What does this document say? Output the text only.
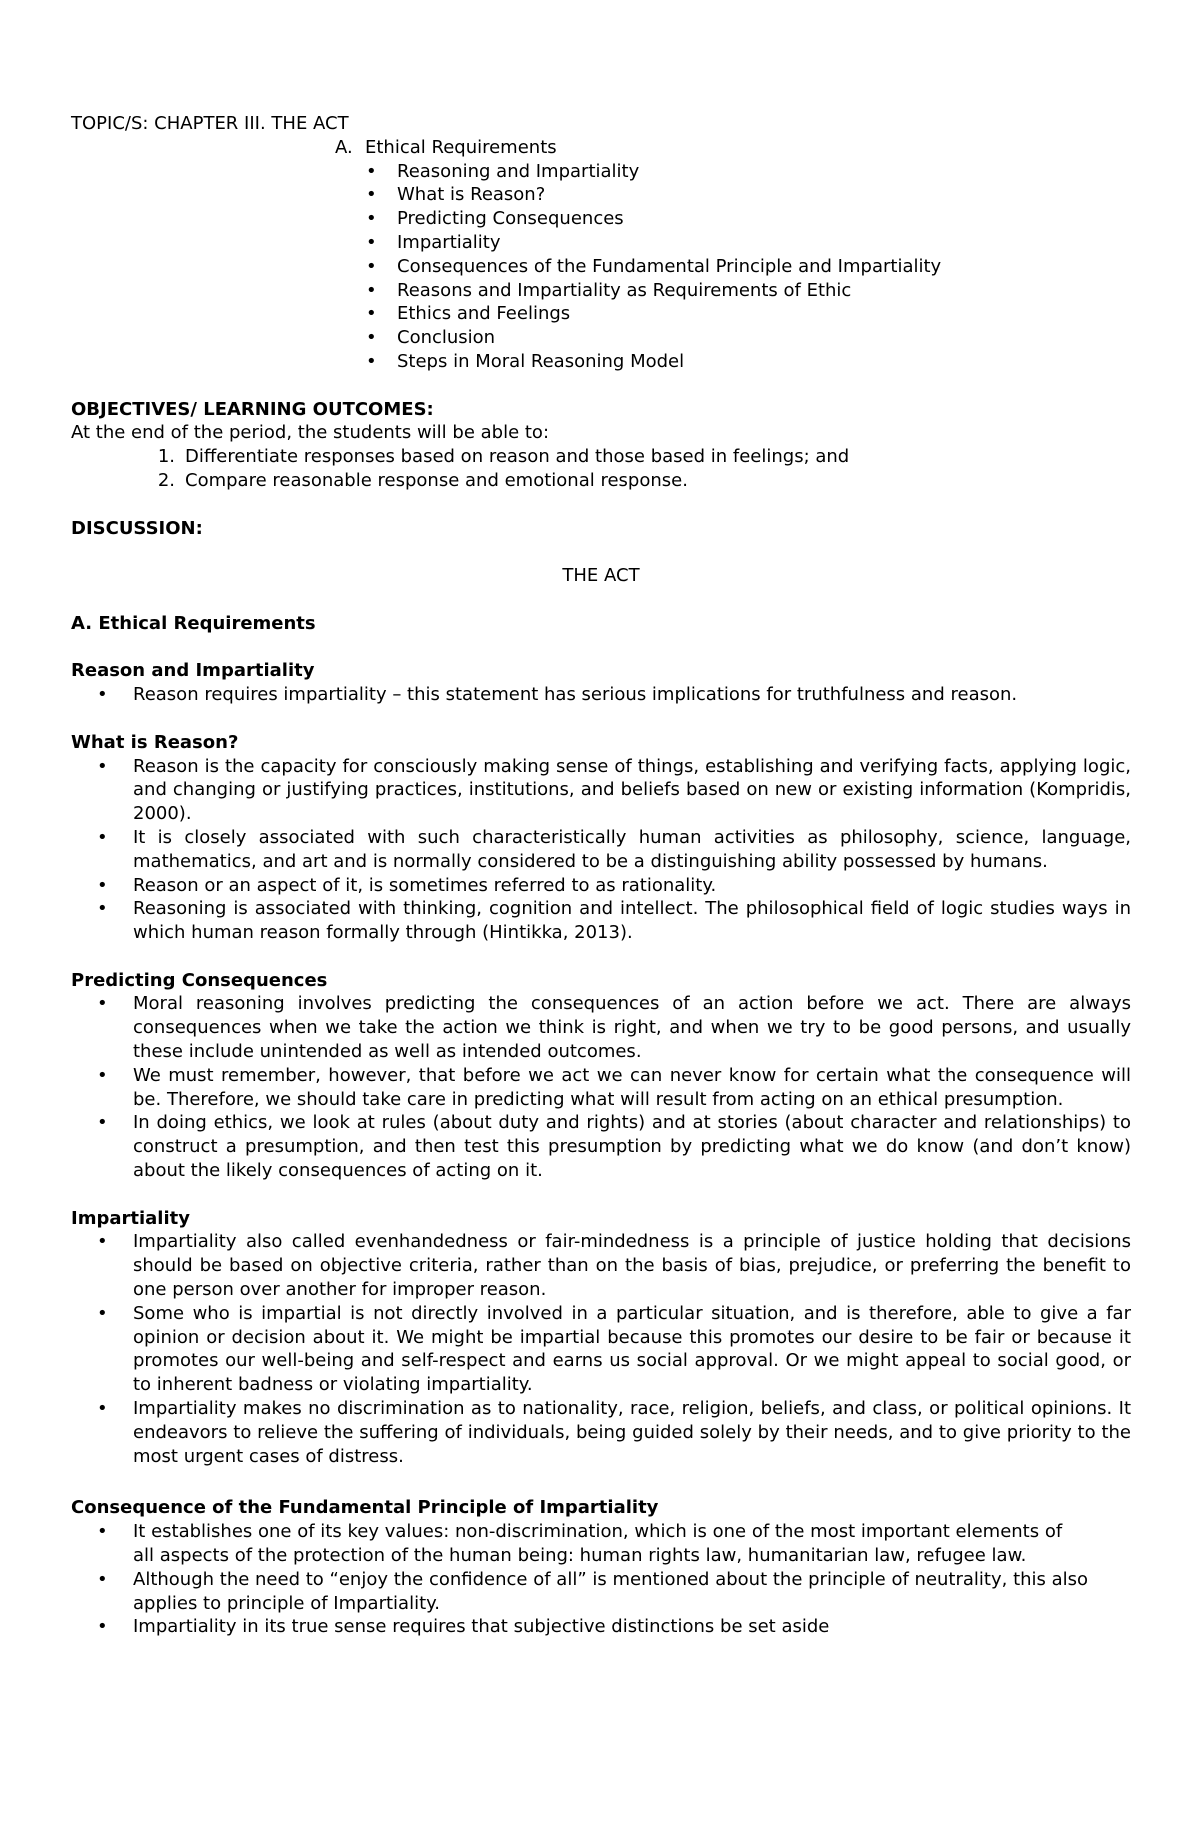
TOPIC/S: CHAPTER III. THE ACT

A. Ethical Requirements

• Reasoning and Impartiality
• What is Reason?
• Predicting Consequences
• Impartiality
• Consequences of the Fundamental Principle and Impartiality
• Reasons and Impartiality as Requirements of Ethic
• Ethics and Feelings
• Conclusion
• Steps in Moral Reasoning Model

OBJECTIVES/ LEARNING OUTCOMES:

At the end of the period, the students will be able to:

1. Differentiate responses based on reason and those based in feelings; and
2. Compare reasonable response and emotional response.

DISCUSSION:

THE ACT

A. Ethical Requirements

Reason and Impartiality

• Reason requires impartiality – this statement has serious implications for truthfulness and reason.

What is Reason?

• Reason is the capacity for consciously making sense of things, establishing and verifying facts, applying logic, and changing or justifying practices, institutions, and beliefs based on new or existing information (Kompridis, 2000).
• It is closely associated with such characteristically human activities as philosophy, science, language, mathematics, and art and is normally considered to be a distinguishing ability possessed by humans.
• Reason or an aspect of it, is sometimes referred to as rationality.
• Reasoning is associated with thinking, cognition and intellect. The philosophical field of logic studies ways in which human reason formally through (Hintikka, 2013).

Predicting Consequences

• Moral reasoning involves predicting the consequences of an action before we act. There are always consequences when we take the action we think is right, and when we try to be good persons, and usually these include unintended as well as intended outcomes.
• We must remember, however, that before we act we can never know for certain what the consequence will be. Therefore, we should take care in predicting what will result from acting on an ethical presumption.
• In doing ethics, we look at rules (about duty and rights) and at stories (about character and relationships) to construct a presumption, and then test this presumption by predicting what we do know (and don’t know) about the likely consequences of acting on it.

Impartiality

• Impartiality also called evenhandedness or fair-mindedness is a principle of justice holding that decisions should be based on objective criteria, rather than on the basis of bias, prejudice, or preferring the benefit to one person over another for improper reason.
• Some who is impartial is not directly involved in a particular situation, and is therefore, able to give a far opinion or decision about it. We might be impartial because this promotes our desire to be fair or because it promotes our well-being and self-respect and earns us social approval. Or we might appeal to social good, or to inherent badness or violating impartiality.
• Impartiality makes no discrimination as to nationality, race, religion, beliefs, and class, or political opinions. It endeavors to relieve the suffering of individuals, being guided solely by their needs, and to give priority to the most urgent cases of distress.

Consequence of the Fundamental Principle of Impartiality

• It establishes one of its key values: non-discrimination, which is one of the most important elements of all aspects of the protection of the human being: human rights law, humanitarian law, refugee law.
• Although the need to “enjoy the confidence of all” is mentioned about the principle of neutrality, this also applies to principle of Impartiality.
• Impartiality in its true sense requires that subjective distinctions be set aside
